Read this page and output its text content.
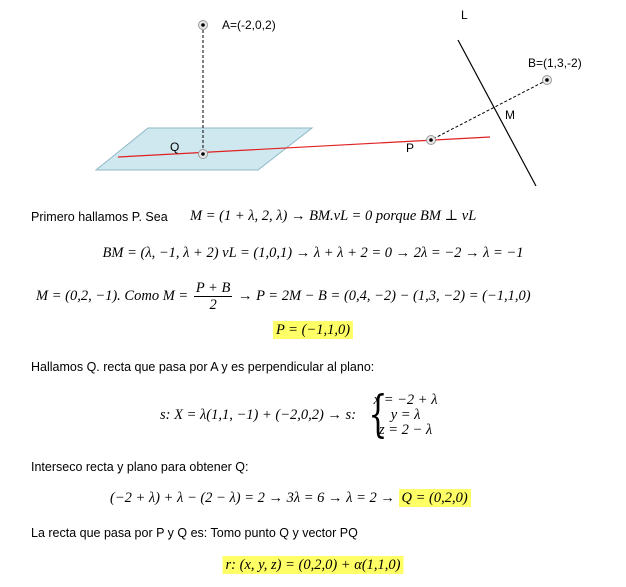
A=(-2,0,2)
B=(1,3,-2)
L
M
P
Q
Primero hallamos P. Sea M = (1 + λ, 2, λ) → BM.vL = 0 porque BM ⊥ vL
BM = (λ, −1, λ + 2) vL = (1,0,1) → λ + λ + 2 = 0 → 2λ = −2 → λ = −1
M = (0,2, −1). Como $M = \frac{P + B}{2} \to P = 2M - B = (0,4$, −2) − (1,3, −2) = (−1,1,0)
P = (−1,1,0)
Hallamos Q. recta que pasa por A y es perpendicular al plano:
s: X = λ(1,1, −1) + (−2,0,2) → s: {
x = −2 + λ
y = λ
z = 2 − λ
Interseco recta y plano para obtener Q:
(−2 + λ) + λ − (2 − λ) = 2 → 3λ = 6 → λ = 2 → Q = (0,2,0)
La recta que pasa por P y Q es: Tomo punto Q y vector PQ
r: (x, y, z) = (0,2,0) + α(1,1,0)
